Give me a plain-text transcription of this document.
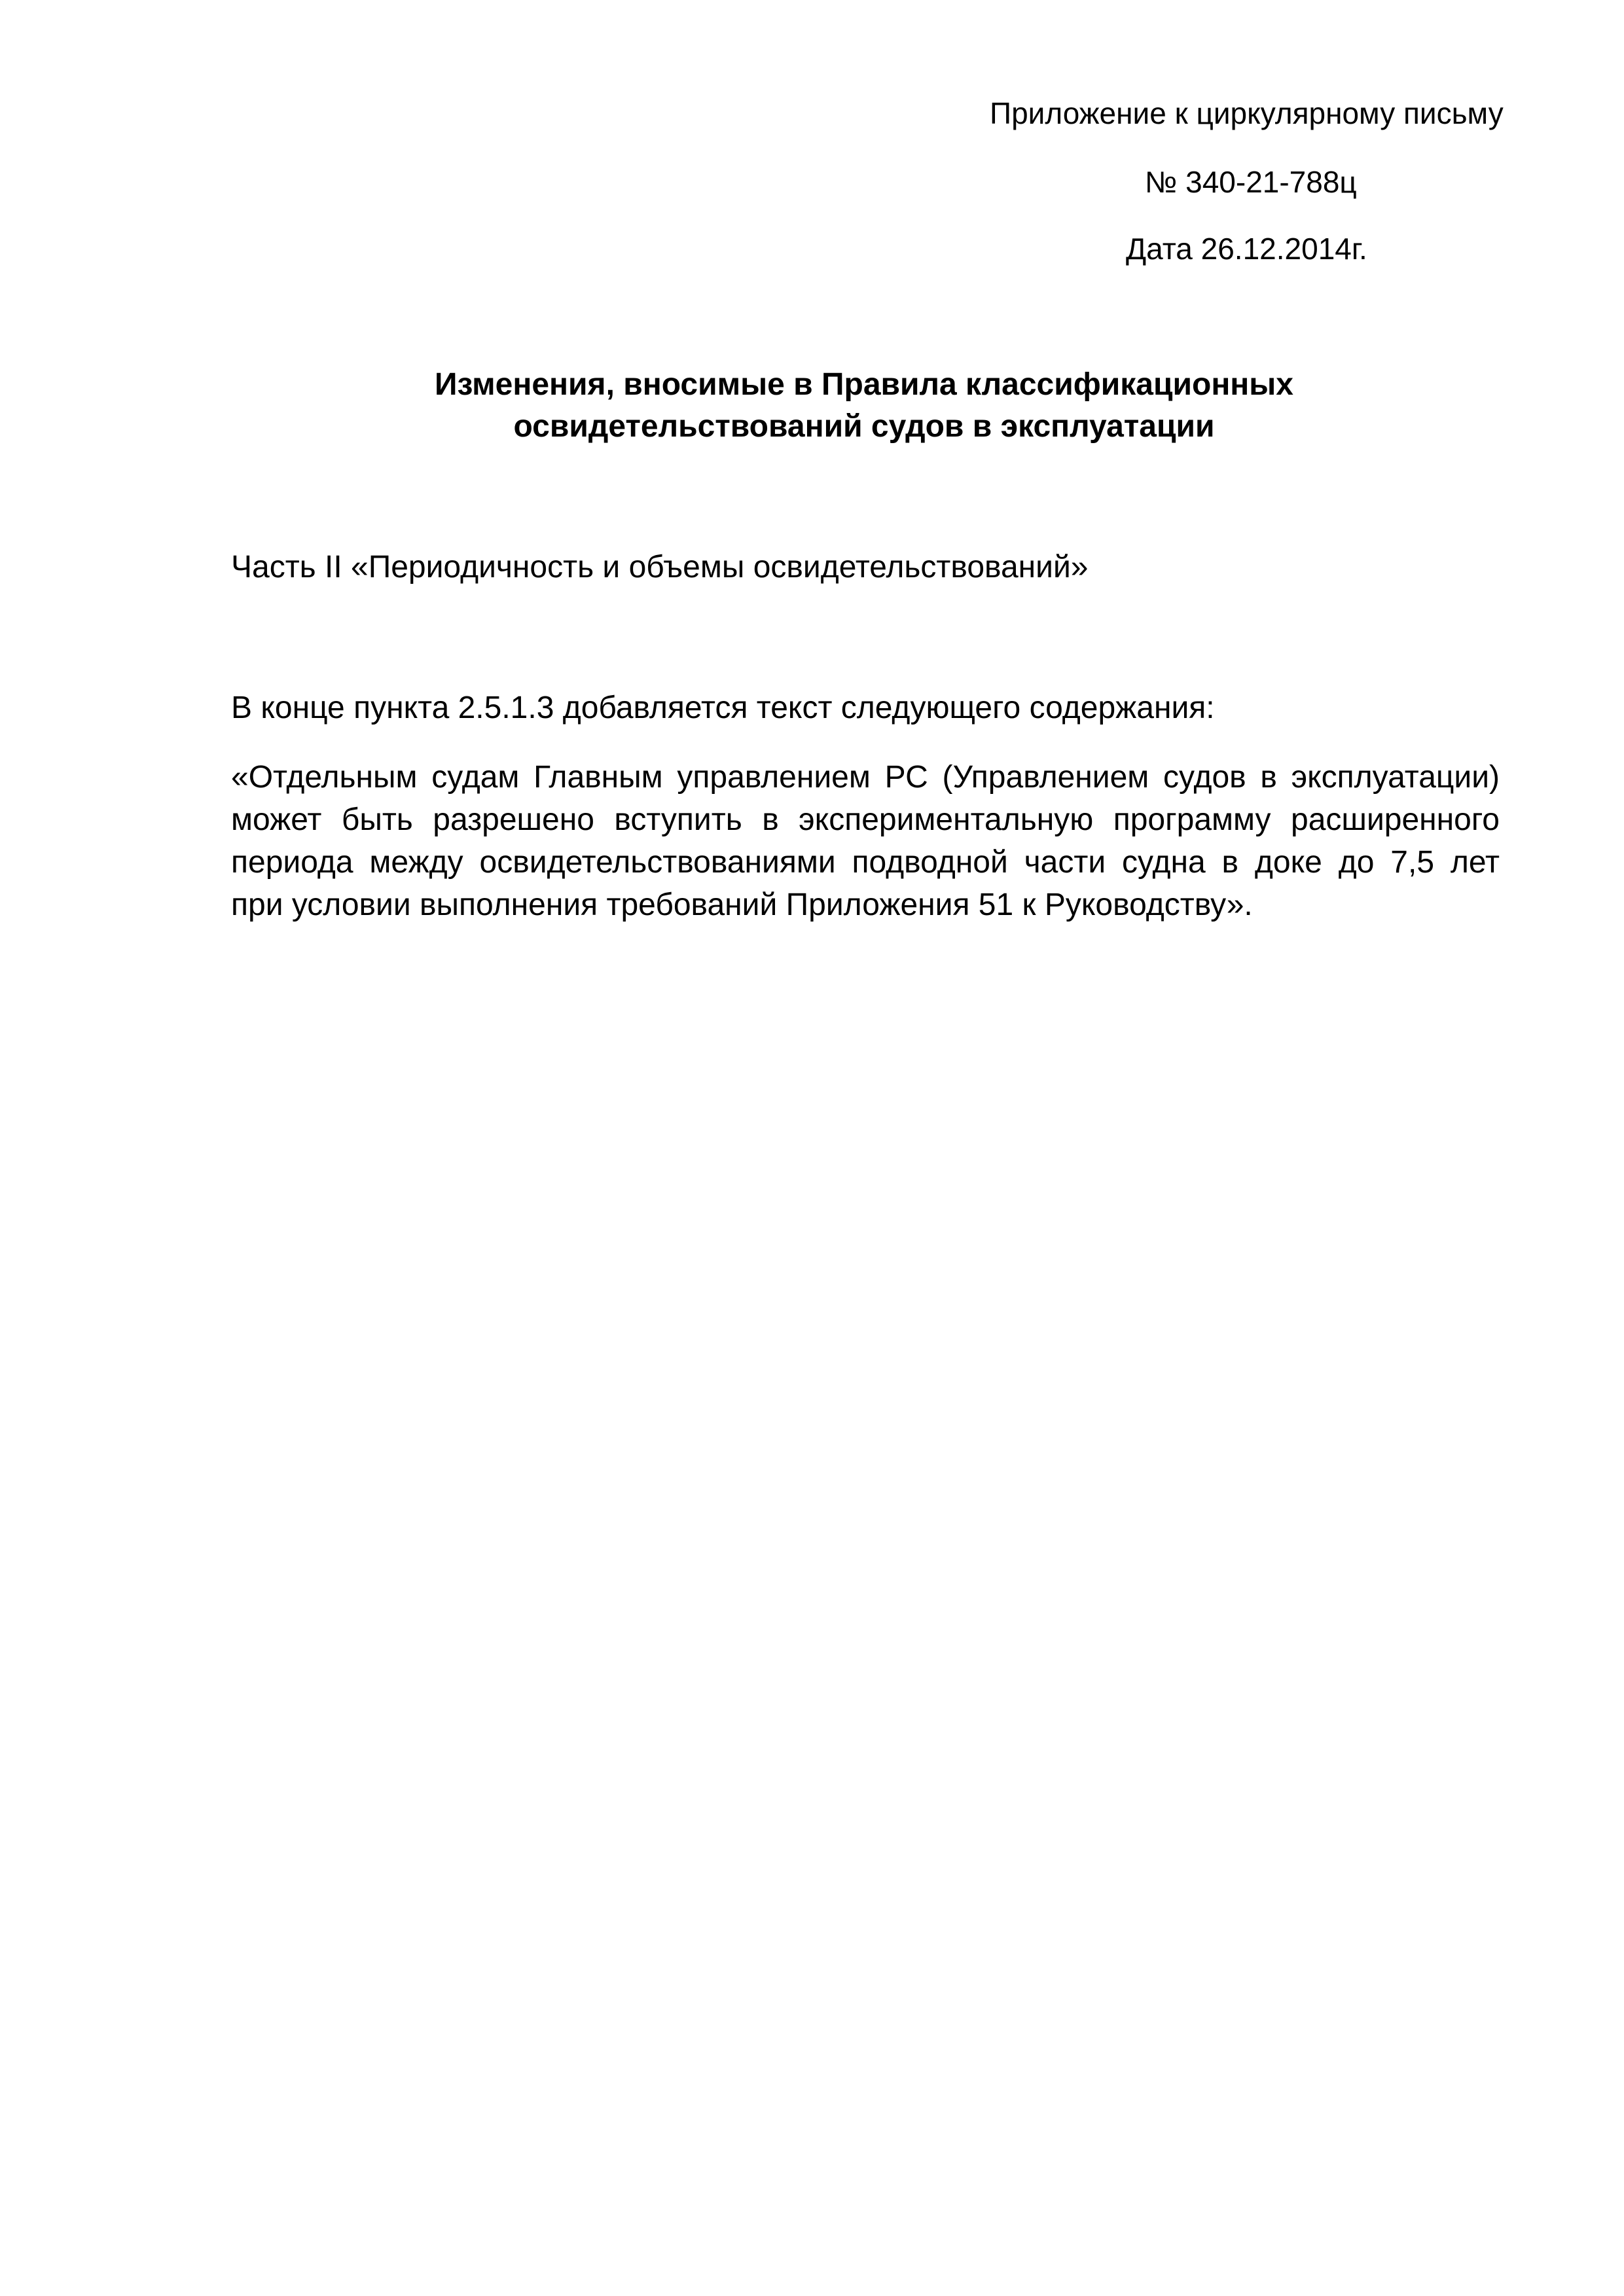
Приложение к циркулярному письму
№ 340-21-788ц
Дата 26.12.2014г.
Изменения, вносимые в Правила классификационных
освидетельствований судов в эксплуатации
Часть II «Периодичность и объемы освидетельствований»
В конце пункта 2.5.1.3 добавляется текст следующего содержания:
«Отдельным судам Главным управлением РС (Управлением судов в эксплуатации)
может быть разрешено вступить в экспериментальную программу расширенного
периода между освидетельствованиями подводной части судна в доке до 7,5 лет
при условии выполнения требований Приложения 51 к Руководству».
